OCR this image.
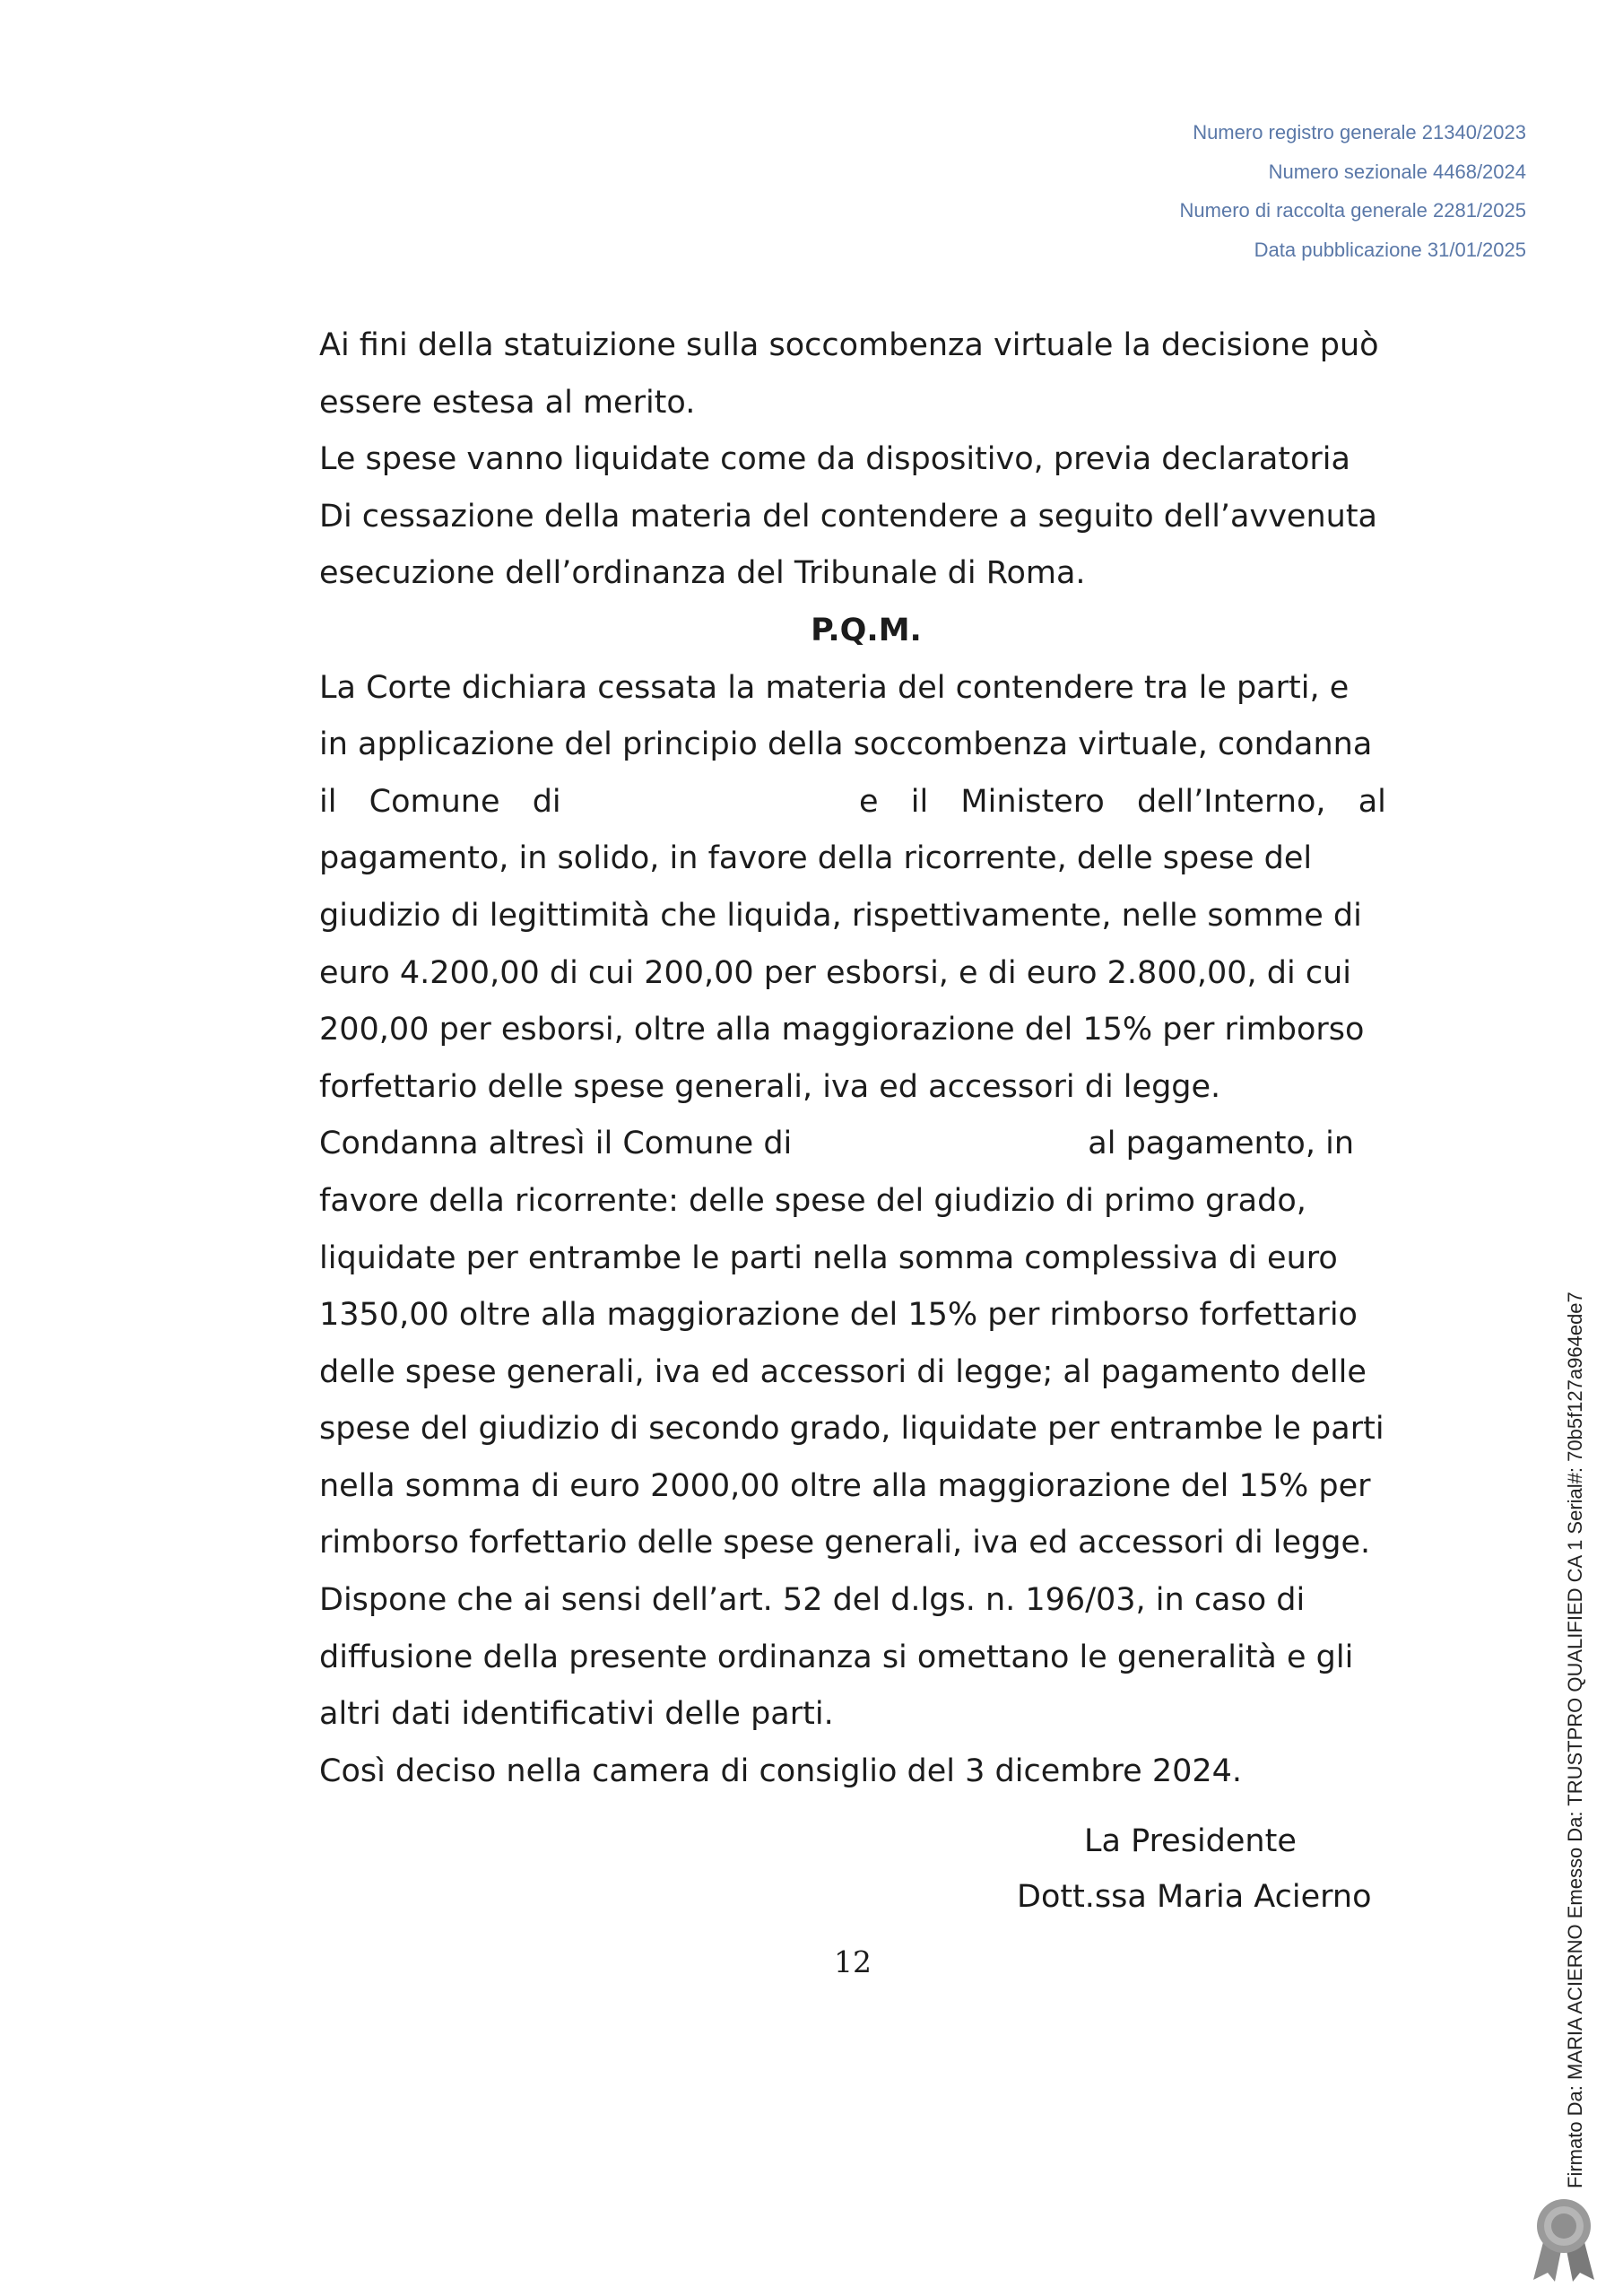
Numero registro generale 21340/2023
Numero sezionale 4468/2024
Numero di raccolta generale 2281/2025
Data pubblicazione 31/01/2025
Ai fini della statuizione sulla soccombenza virtuale la decisione può
essere estesa al merito.
Le spese vanno liquidate come da dispositivo, previa declaratoria
Di cessazione della materia del contendere a seguito dell’avvenuta
esecuzione dell’ordinanza del Tribunale di Roma.
P.Q.M.
La Corte dichiara cessata la materia del contendere tra le parti, e
in applicazione del principio della soccombenza virtuale, condanna
il Comune di	e il Ministero dell’Interno, al
pagamento, in solido, in favore della ricorrente, delle spese del
giudizio di legittimità che liquida, rispettivamente, nelle somme di
euro 4.200,00 di cui 200,00 per esborsi, e di euro 2.800,00, di cui
200,00 per esborsi, oltre alla maggiorazione del 15% per rimborso
forfettario delle spese generali, iva ed accessori di legge.
Condanna altresì il Comune di	al pagamento, in
favore della ricorrente: delle spese del giudizio di primo grado,
liquidate per entrambe le parti nella somma complessiva di euro
1350,00 oltre alla maggiorazione del 15% per rimborso forfettario
delle spese generali, iva ed accessori di legge; al pagamento delle
spese del giudizio di secondo grado, liquidate per entrambe le parti
nella somma di euro 2000,00 oltre alla maggiorazione del 15% per
rimborso forfettario delle spese generali, iva ed accessori di legge.
Dispone che ai sensi dell’art. 52 del d.lgs. n. 196/03, in caso di
diffusione della presente ordinanza si omettano le generalità e gli
altri dati identificativi delle parti.
Così deciso nella camera di consiglio del 3 dicembre 2024.
La Presidente
Dott.ssa Maria Acierno
12	Firmato Da: MARIA ACIERNO Emesso Da: TRUSTPRO QUALIFIED CA 1 Serial#: 70b5f127a964ede7
